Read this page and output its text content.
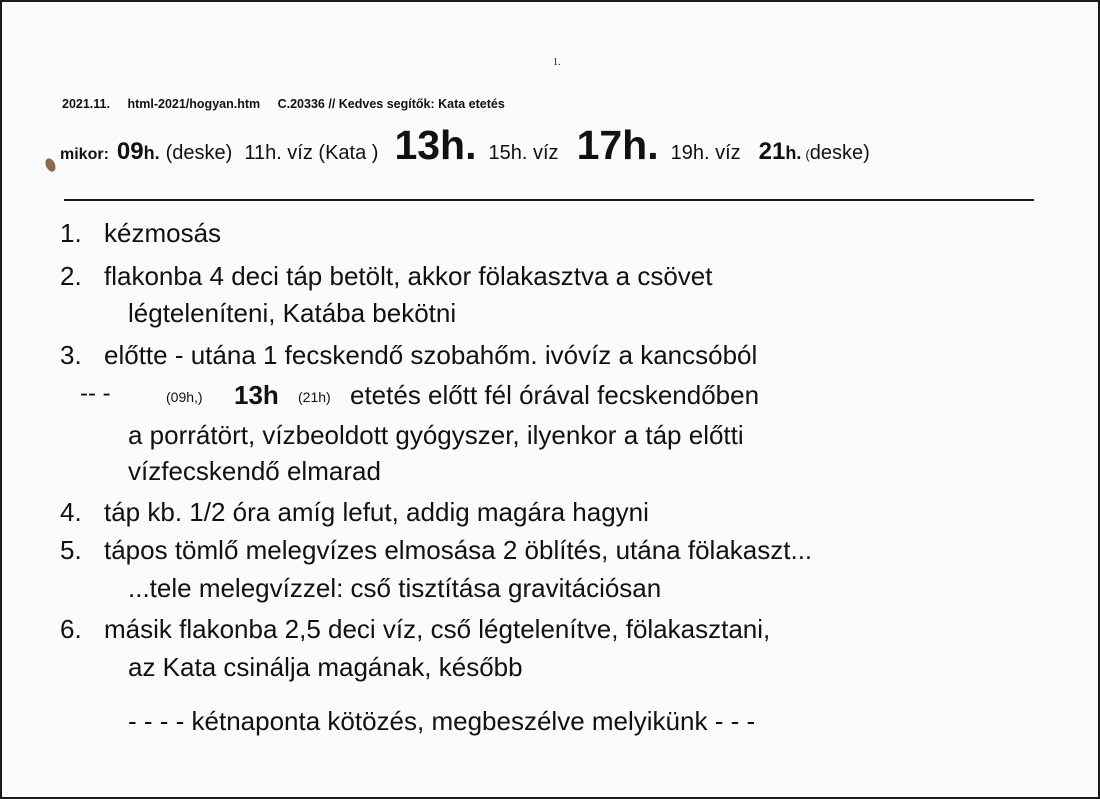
1.
2021.11. html-2021/hogyan.htm C.20336 // Kedves segítők: Kata etetés
mikor: 09 h. (deske) 11h. víz (Kata ) 13h . 15h. víz 17h . 19h. víz 21 h. ( deske)
1. kézmosás
2. flakonba 4 deci táp betölt, akkor fölakasztva a csövet
légteleníteni, Katába bekötni
3. előtte - utána 1 fecskendő szobahőm. ivóvíz a kancsóból
-- -	(09h,) 13h (21h) etetés előtt fél órával fecskendőben
a porrátört, vízbeoldott gyógyszer, ilyenkor a táp előtti
vízfecskendő elmarad
4. táp kb. 1/2 óra amíg lefut, addig magára hagyni
5. tápos tömlő melegvízes elmosása 2 öblítés, utána fölakaszt...
...tele melegvízzel: cső tisztítása gravitációsan
6. másik flakonba 2,5 deci víz, cső légtelenítve, fölakasztani,
az Kata csinálja magának, később
- - - - kétnaponta kötözés, megbeszélve melyikünk - - -
